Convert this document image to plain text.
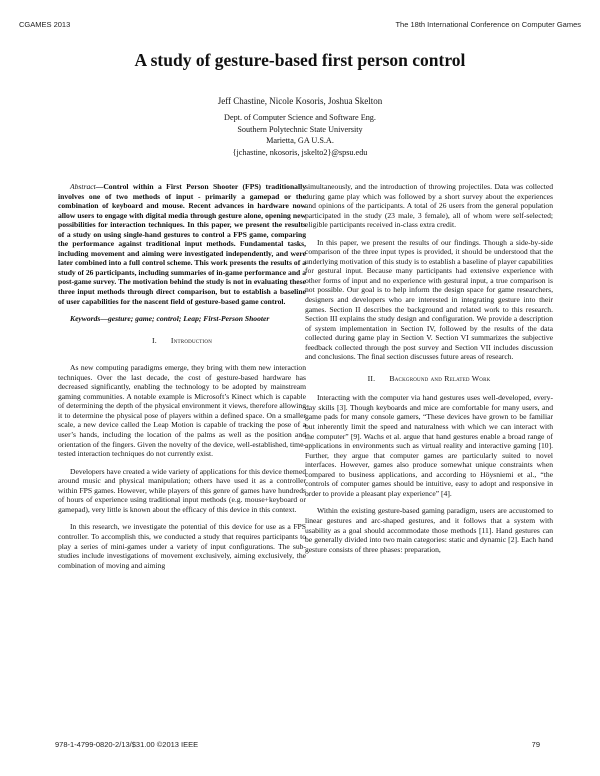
CGAMES 2013	The 18th International Conference on Computer Games
A study of gesture-based first person control
Jeff Chastine, Nicole Kosoris, Joshua Skelton
Dept. of Computer Science and Software Eng.
Southern Polytechnic State University
Marietta, GA U.S.A.
{jchastine, nkosoris, jskelto2}@spsu.edu

Abstract—Control within a First Person Shooter (FPS) traditionally involves one of two methods of input - primarily a gamepad or the combination of keyboard and mouse. Recent advances in hardware now allow users to engage with digital media through gesture alone, opening new possibilities for interaction techniques. In this paper, we present the results of a study on using single-hand gestures to control a FPS game, comparing the performance against traditional input methods. Fundamental tasks, including movement and aiming were investigated independently, and were later combined into a full control scheme. This work presents the results of a study of 26 participants, including summaries of in-game performance and a post-game survey. The motivation behind the study is not in evaluating these three input methods through direct comparison, but to establish a baseline of user capabilities for the nascent field of gesture-based game control.

Keywords—gesture; game; control; Leap; First-Person Shooter

I. Introduction

As new computing paradigms emerge, they bring with them new interaction techniques. Over the last decade, the cost of gesture-based hardware has decreased significantly, enabling the technology to be adopted by mainstream gaming communities. A notable example is Microsoft’s Kinect which is capable of determining the depth of the physical environment it views, therefore allowing it to determine the physical pose of players within a defined space. On a smaller scale, a new device called the Leap Motion is capable of tracking the pose of a user’s hands, including the location of the palms as well as the position and orientation of the fingers. Given the novelty of the device, well-established, time-tested interaction techniques do not currently exist.

Developers have created a wide variety of applications for this device themed around music and physical manipulation; others have used it as a controller within FPS games. However, while players of this genre of games have hundreds of hours of experience using traditional input methods (e.g. mouse+keyboard or gamepad), very little is known about the efficacy of this device in this context.

In this research, we investigate the potential of this device for use as a FPS controller. To accomplish this, we conducted a study that requires participants to play a series of mini-games under a variety of input configurations. The sub-studies include investigations of movement exclusively, aiming exclusively, the combination of moving and aiming

simultaneously, and the introduction of throwing projectiles. Data was collected during game play which was followed by a short survey about the experiences and opinions of the participants. A total of 26 users from the general population participated in the study (23 male, 3 female), all of whom were self-selected; eligible participants received in-class extra credit.

In this paper, we present the results of our findings. Though a side-by-side comparison of the three input types is provided, it should be understood that the underlying motivation of this study is to establish a baseline of player capabilities for gestural input. Because many participants had extensive experience with other forms of input and no experience with gestural input, a true comparison is not possible. Our goal is to help inform the design space for game researchers, designers and developers who are interested in integrating gesture into their games. Section II describes the background and related work to this research. Section III explains the study design and configuration. We provide a description of system implementation in Section IV, followed by the results of the data collected during game play in Section V. Section VI summarizes the subjective feedback collected through the post survey and Section VII includes discussion and conclusions. The final section discusses future areas of research.

II. Background and Related Work

Interacting with the computer via hand gestures uses well-developed, every-day skills [3]. Though keyboards and mice are comfortable for many users, and game pads for many console gamers, “These devices have grown to be familiar but inherently limit the speed and naturalness with which we can interact with the computer” [9]. Wachs et al. argue that hand gestures enable a broad range of applications in environments such as virtual reality and interactive gaming [10]. Further, they argue that computer games are particularly suited to novel interfaces. However, games also produce somewhat unique constraints when compared to business applications, and according to Höysniemi et al., “the controls of computer games should be intuitive, easy to adopt and responsive in order to provide a pleasant play experience” [4].

Within the existing gesture-based gaming paradigm, users are accustomed to linear gestures and arc-shaped gestures, and it follows that a system with usability as a goal should accommodate those methods [11]. Hand gestures can be generally divided into two main categories: static and dynamic [2]. Each hand gesture consists of three phases: preparation,

978-1-4799-0820-2/13/$31.00 ©2013 IEEE	79
